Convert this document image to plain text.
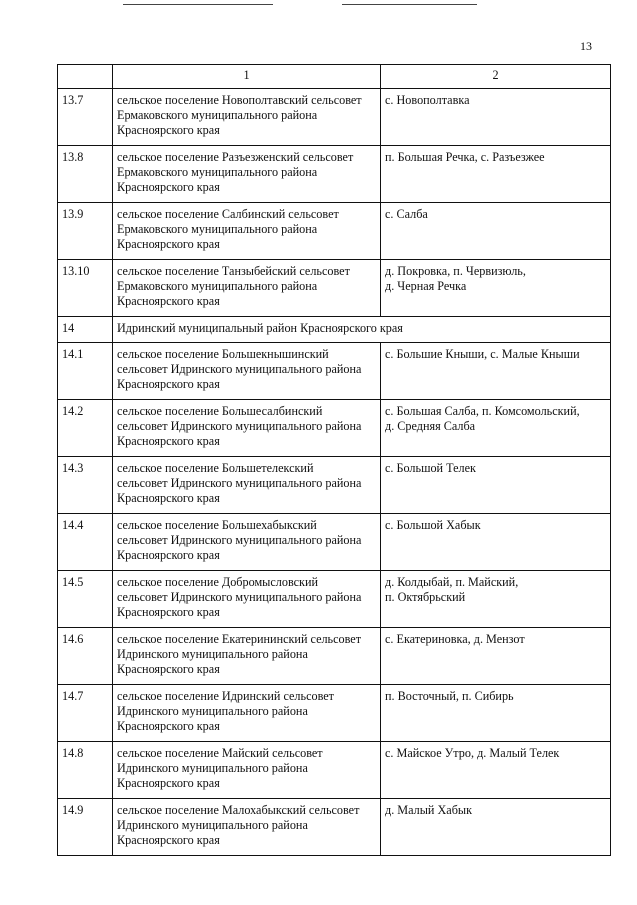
13
	1	2
13.7	сельское поселение Новополтавский сельсовет
Ермаковского муниципального района
Красноярского края	с. Новополтавка
13.8	сельское поселение Разъезженский сельсовет
Ермаковского муниципального района
Красноярского края	п. Большая Речка, с. Разъезжее
13.9	сельское поселение Салбинский сельсовет
Ермаковского муниципального района
Красноярского края	с. Салба
13.10	сельское поселение Танзыбейский сельсовет
Ермаковского муниципального района
Красноярского края	д. Покровка, п. Червизюль,
д. Черная Речка
14	Идринский муниципальный район Красноярского края	
14.1	сельское поселение Большекнышинский
сельсовет Идринского муниципального района
Красноярского края	с. Большие Кныши, с. Малые Кныши
14.2	сельское поселение Большесалбинский
сельсовет Идринского муниципального района
Красноярского края	с. Большая Салба, п. Комсомольский,
д. Средняя Салба
14.3	сельское поселение Большетелекский
сельсовет Идринского муниципального района
Красноярского края	с. Большой Телек
14.4	сельское поселение Большехабыкский
сельсовет Идринского муниципального района
Красноярского края	с. Большой Хабык
14.5	сельское поселение Добромысловский
сельсовет Идринского муниципального района
Красноярского края	д. Колдыбай, п. Майский,
п. Октябрьский
14.6	сельское поселение Екатерининский сельсовет
Идринского муниципального района
Красноярского края	с. Екатериновка, д. Мензот
14.7	сельское поселение Идринский сельсовет
Идринского муниципального района
Красноярского края	п. Восточный, п. Сибирь
14.8	сельское поселение Майский сельсовет
Идринского муниципального района
Красноярского края	с. Майское Утро, д. Малый Телек
14.9	сельское поселение Малохабыкский сельсовет
Идринского муниципального района
Красноярского края	д. Малый Хабык
